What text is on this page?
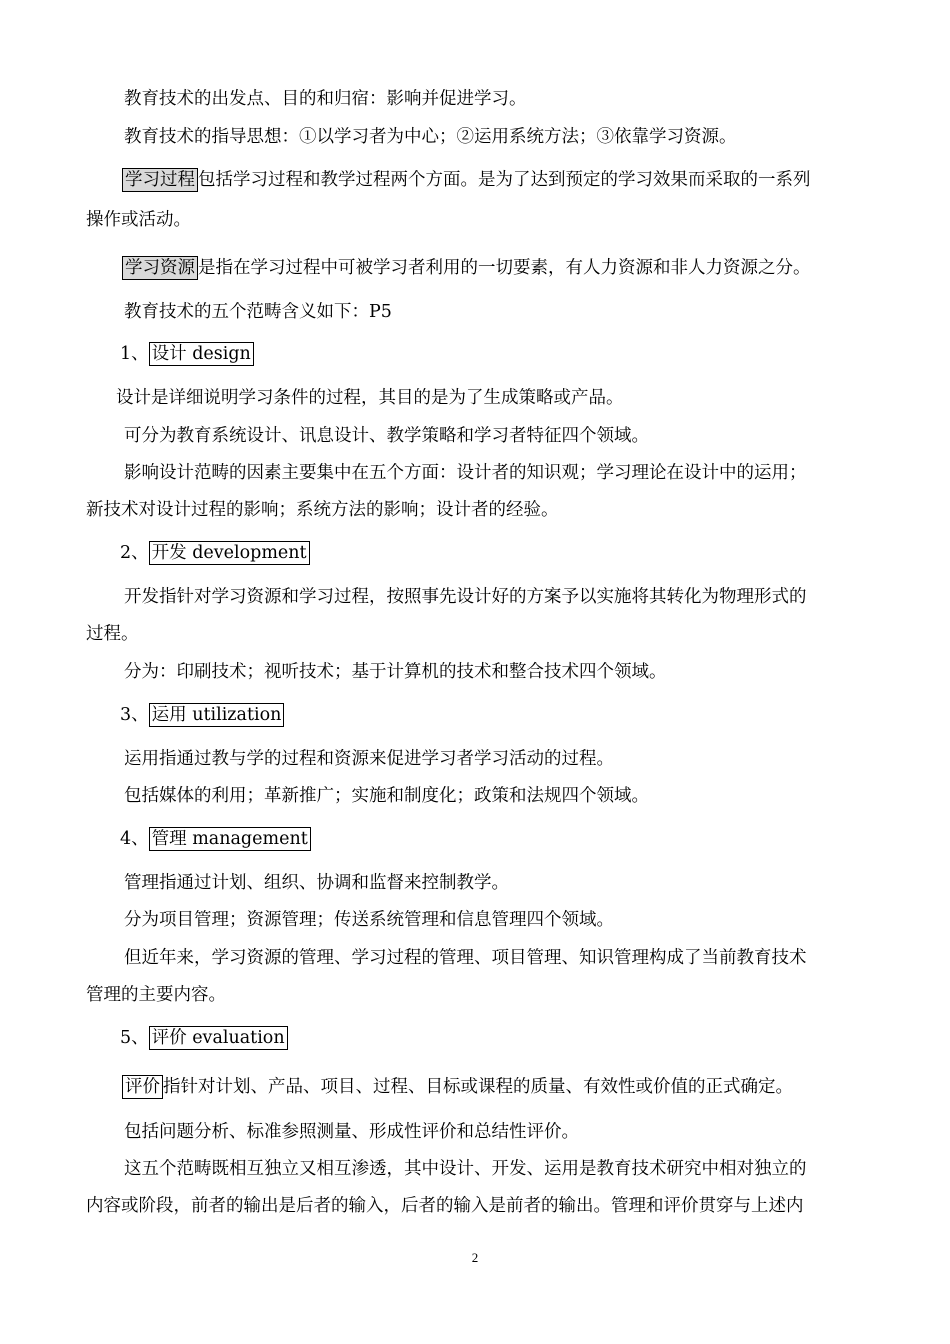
教育技术的出发点、目的和归宿：影响并促进学习。
教育技术的指导思想：①以学习者为中心；②运用系统方法；③依靠学习资源。
学习过程 包括学习过程和教学过程两个方面。是为了达到预定的学习效果而采取的一系列
操作或活动。
学习资源 是指在学习过程中可被学习者利用的一切要素，有人力资源和非人力资源之分。
教育技术的五个范畴含义如下：P5
1、 设计 design
设计是详细说明学习条件的过程，其目的是为了生成策略或产品。
可分为教育系统设计、讯息设计、教学策略和学习者特征四个领域。
影响设计范畴的因素主要集中在五个方面：设计者的知识观；学习理论在设计中的运用；
新技术对设计过程的影响；系统方法的影响；设计者的经验。
2、 开发 development
开发指针对学习资源和学习过程，按照事先设计好的方案予以实施将其转化为物理形式的
过程。
分为：印刷技术；视听技术；基于计算机的技术和整合技术四个领域。
3、 运用 utilization
运用指通过教与学的过程和资源来促进学习者学习活动的过程。
包括媒体的利用；革新推广；实施和制度化；政策和法规四个领域。
4、 管理 management
管理指通过计划、组织、协调和监督来控制教学。
分为项目管理；资源管理；传送系统管理和信息管理四个领域。
但近年来，学习资源的管理、学习过程的管理、项目管理、知识管理构成了当前教育技术
管理的主要内容。
5、 评价 evaluation
评价 指针对计划、产品、项目、过程、目标或课程的质量、有效性或价值的正式确定。
包括问题分析、标准参照测量、形成性评价和总结性评价。
这五个范畴既相互独立又相互渗透，其中设计、开发、运用是教育技术研究中相对独立的
内容或阶段，前者的输出是后者的输入，后者的输入是前者的输出。管理和评价贯穿与上述内
2
